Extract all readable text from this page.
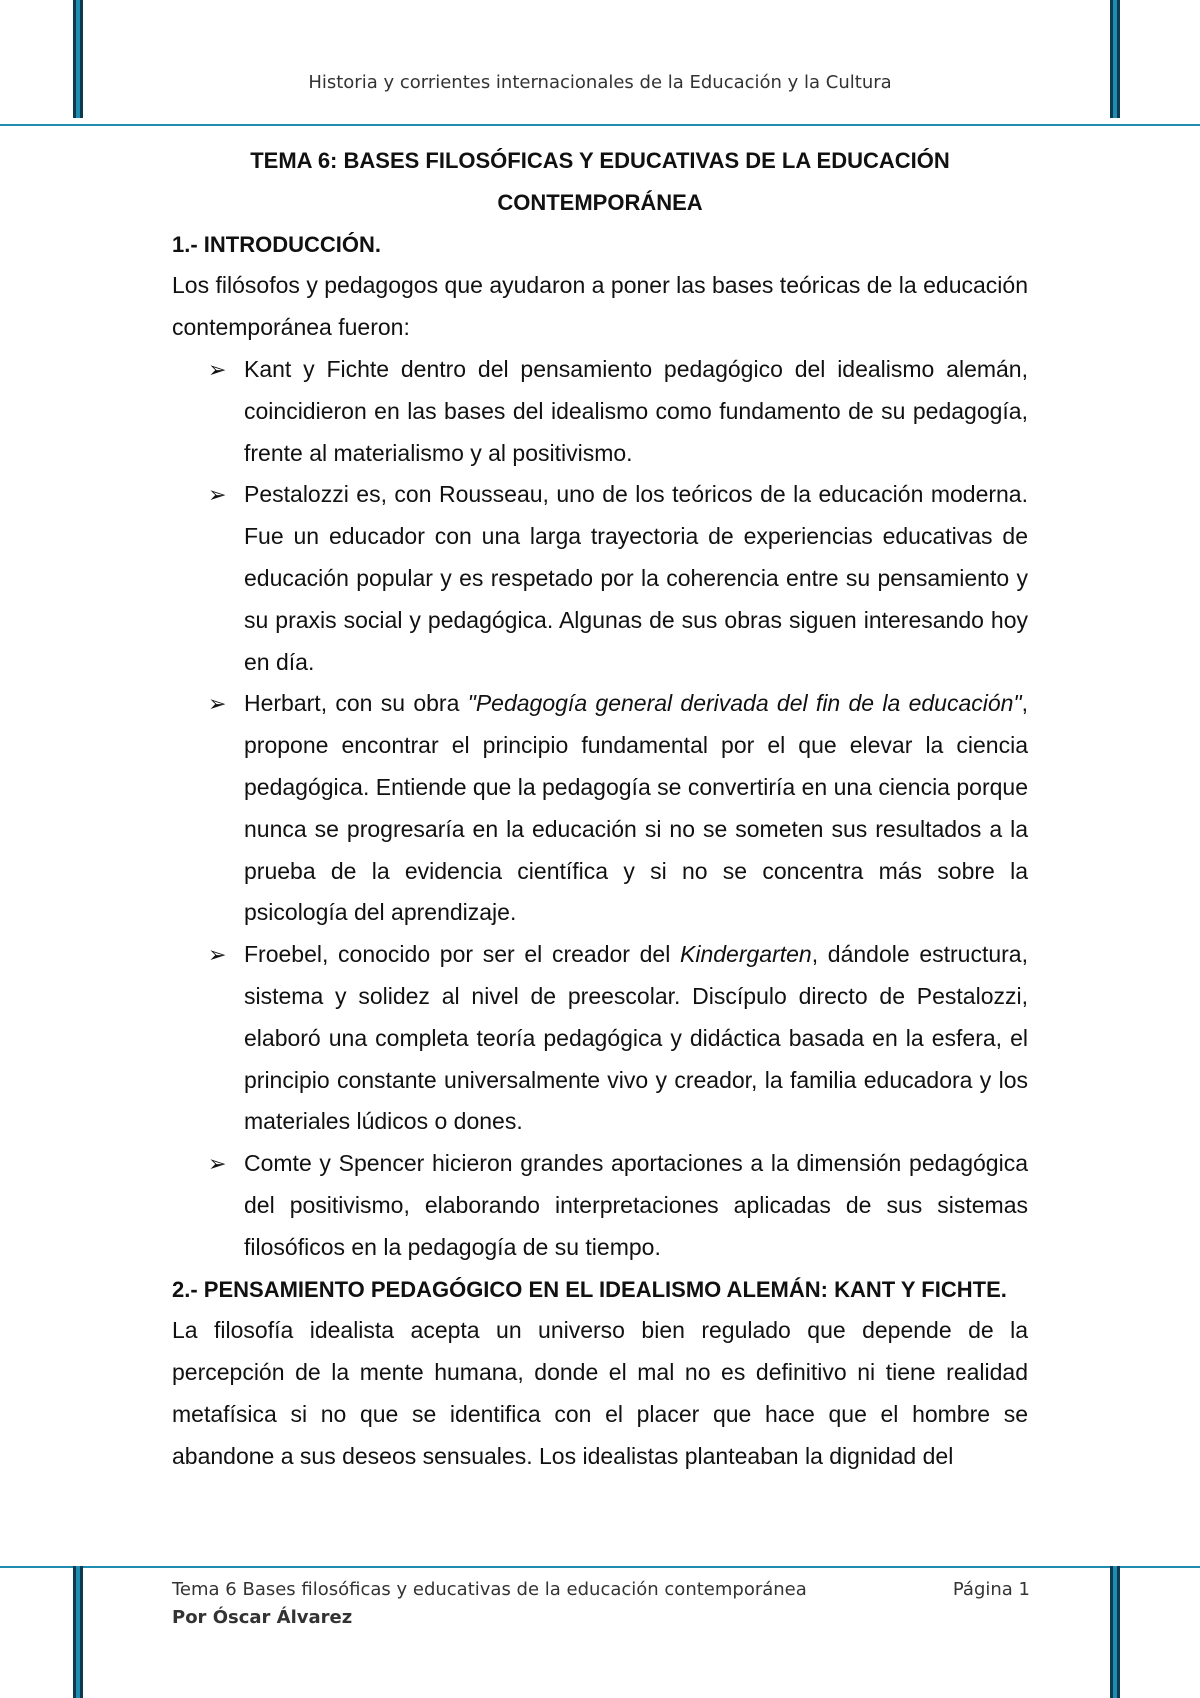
Historia y corrientes internacionales de la Educación y la Cultura
TEMA 6: BASES FILOSÓFICAS Y EDUCATIVAS DE LA EDUCACIÓN
CONTEMPORÁNEA
1.- INTRODUCCIÓN.

Los filósofos y pedagogos que ayudaron a poner las bases teóricas de la educación contemporánea fueron:

➢ Kant y Fichte dentro del pensamiento pedagógico del idealismo alemán, coincidieron en las bases del idealismo como fundamento de su pedagogía, frente al materialismo y al positivismo.
➢ Pestalozzi es, con Rousseau, uno de los teóricos de la educación moderna. Fue un educador con una larga trayectoria de experiencias educativas de educación popular y es respetado por la coherencia entre su pensamiento y su praxis social y pedagógica. Algunas de sus obras siguen interesando hoy en día.
➢ Herbart, con su obra "Pedagogía general derivada del fin de la educación", propone encontrar el principio fundamental por el que elevar la ciencia pedagógica. Entiende que la pedagogía se convertiría en una ciencia porque nunca se progresaría en la educación si no se someten sus resultados a la prueba de la evidencia científica y si no se concentra más sobre la psicología del aprendizaje.
➢ Froebel, conocido por ser el creador del Kindergarten, dándole estructura, sistema y solidez al nivel de preescolar. Discípulo directo de Pestalozzi, elaboró una completa teoría pedagógica y didáctica basada en la esfera, el principio constante universalmente vivo y creador, la familia educadora y los materiales lúdicos o dones.
➢ Comte y Spencer hicieron grandes aportaciones a la dimensión pedagógica del positivismo, elaborando interpretaciones aplicadas de sus sistemas filosóficos en la pedagogía de su tiempo.
2.- PENSAMIENTO PEDAGÓGICO EN EL IDEALISMO ALEMÁN: KANT Y FICHTE.

La filosofía idealista acepta un universo bien regulado que depende de la percepción de la mente humana, donde el mal no es definitivo ni tiene realidad metafísica si no que se identifica con el placer que hace que el hombre se abandone a sus deseos sensuales. Los idealistas planteaban la dignidad del

Tema 6 Bases filosóficas y educativas de la educación contemporánea
Por Óscar Álvarez
Página 1
